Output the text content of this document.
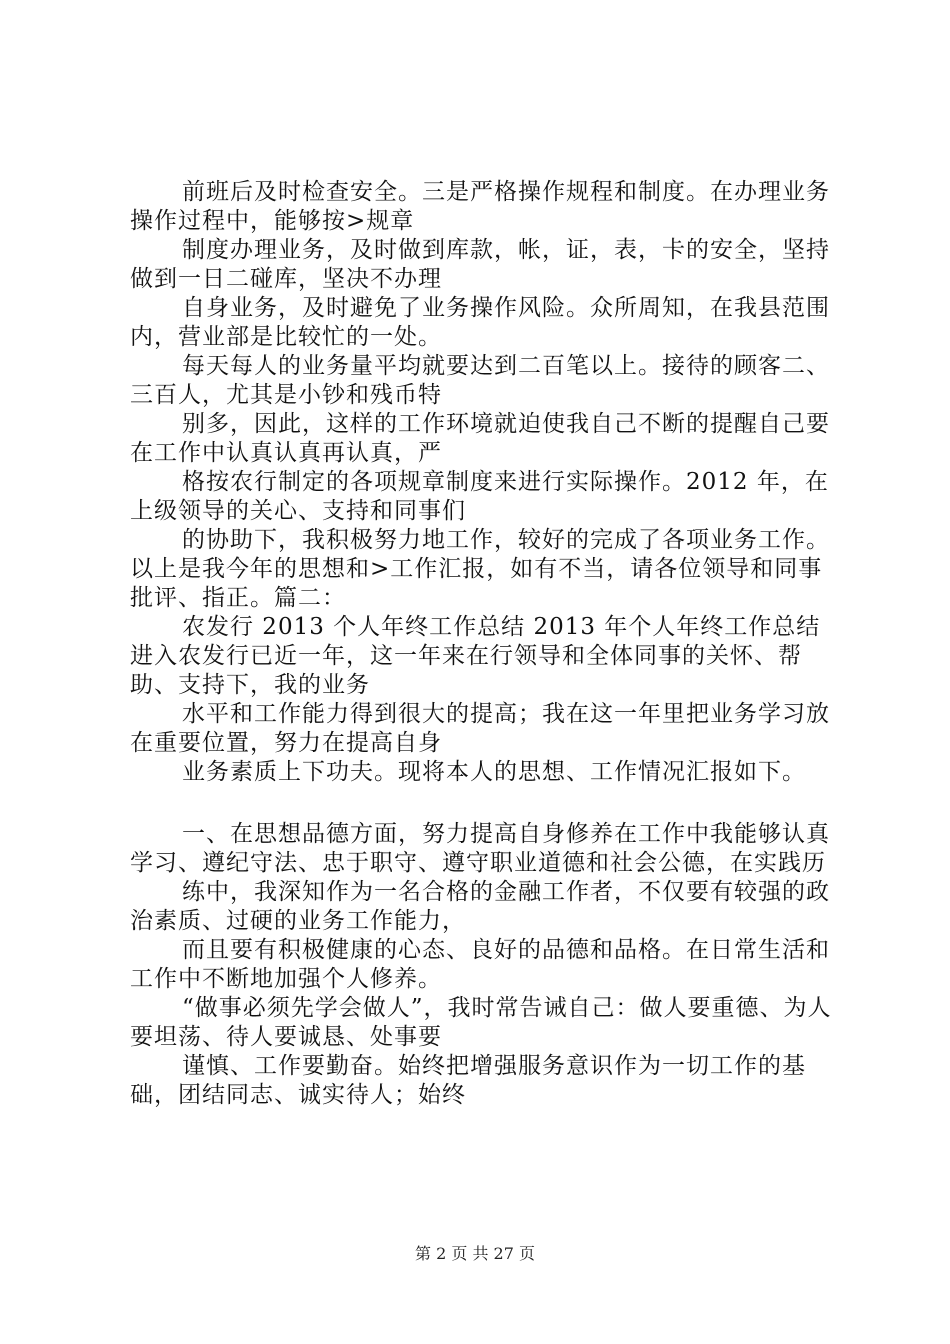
前班后及时检查安全。三是严格操作规程和制度。在办理业务操作过程中，能够按>规章

制度办理业务，及时做到库款，帐，证，表，卡的安全，坚持做到一日二碰库，坚决不办理

自身业务，及时避免了业务操作风险。众所周知，在我县范围内，营业部是比较忙的一处。

每天每人的业务量平均就要达到二百笔以上。接待的顾客二、三百人，尤其是小钞和残币特

别多，因此，这样的工作环境就迫使我自己不断的提醒自己要在工作中认真认真再认真，严

格按农行制定的各项规章制度来进行实际操作。2012 年，在上级领导的关心、支持和同事们

的协助下，我积极努力地工作，较好的完成了各项业务工作。以上是我今年的思想和>工作汇报，如有不当，请各位领导和同事批评、指正。篇二：

农发行 2013 个人年终工作总结 2013 年个人年终工作总结进入农发行已近一年，这一年来在行领导和全体同事的关怀、帮助、支持下，我的业务

水平和工作能力得到很大的提高；我在这一年里把业务学习放在重要位置，努力在提高自身

业务素质上下功夫。现将本人的思想、工作情况汇报如下。

一、在思想品德方面，努力提高自身修养在工作中我能够认真学习、遵纪守法、忠于职守、遵守职业道德和社会公德，在实践历

练中，我深知作为一名合格的金融工作者，不仅要有较强的政治素质、过硬的业务工作能力，

而且要有积极健康的心态、良好的品德和品格。在日常生活和工作中不断地加强个人修养。

“做事必须先学会做人”，我时常告诫自己：做人要重德、为人要坦荡、待人要诚恳、处事要

谨慎、工作要勤奋。始终把增强服务意识作为一切工作的基础，团结同志、诚实待人；始终

第 2 页 共 27 页
